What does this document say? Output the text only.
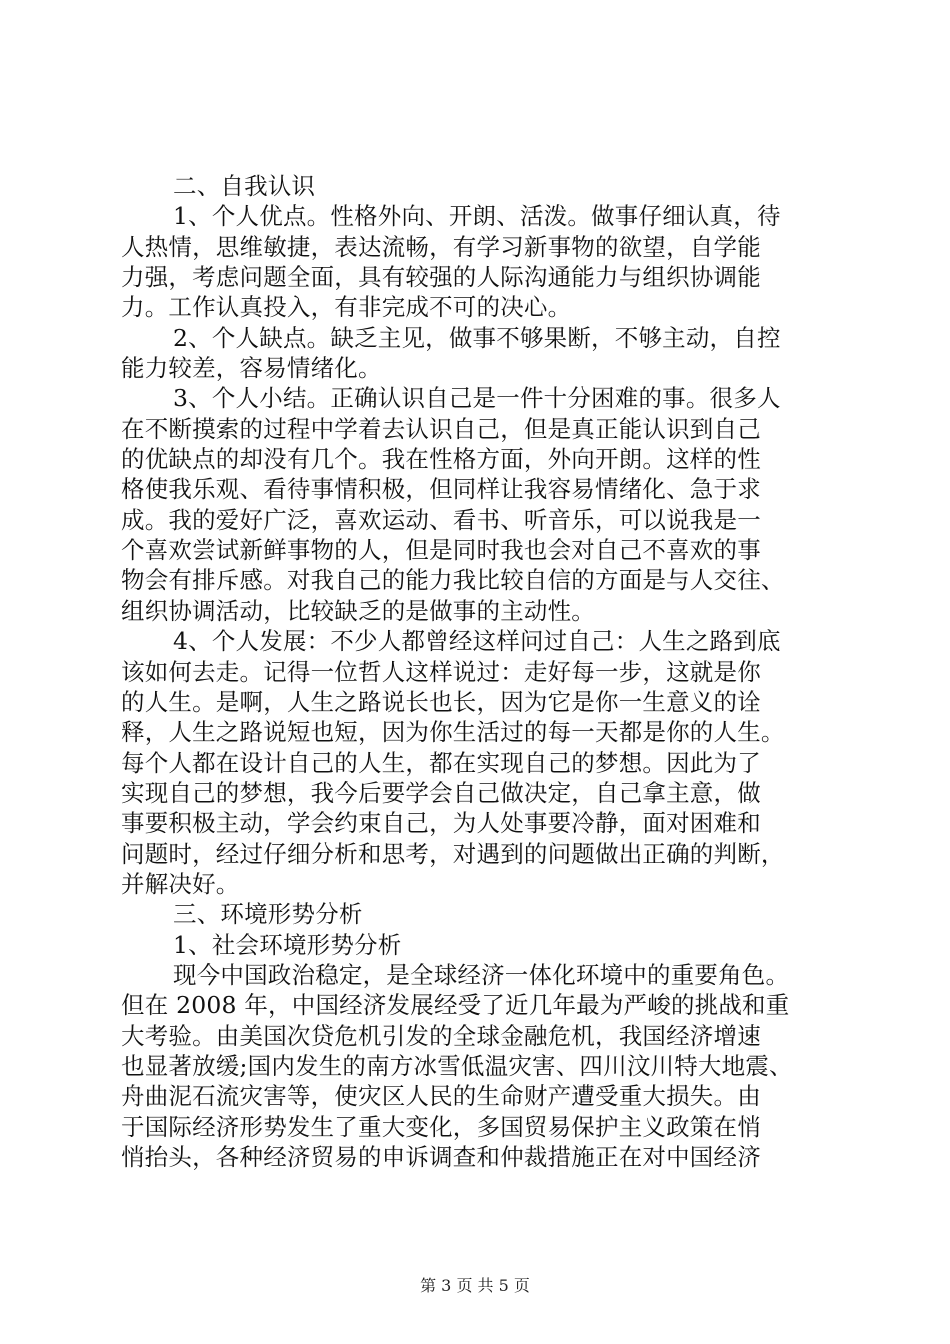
二、自我认识
1、个人优点。性格外向、开朗、活泼。做事仔细认真，待
人热情，思维敏捷，表达流畅，有学习新事物的欲望，自学能
力强，考虑问题全面，具有较强的人际沟通能力与组织协调能
力。工作认真投入，有非完成不可的决心。
2、个人缺点。缺乏主见，做事不够果断，不够主动，自控
能力较差，容易情绪化。
3、个人小结。正确认识自己是一件十分困难的事。很多人
在不断摸索的过程中学着去认识自己，但是真正能认识到自己
的优缺点的却没有几个。我在性格方面，外向开朗。这样的性
格使我乐观、看待事情积极，但同样让我容易情绪化、急于求
成。我的爱好广泛，喜欢运动、看书、听音乐，可以说我是一
个喜欢尝试新鲜事物的人，但是同时我也会对自己不喜欢的事
物会有排斥感。对我自己的能力我比较自信的方面是与人交往、
组织协调活动，比较缺乏的是做事的主动性。
4、个人发展：不少人都曾经这样问过自己：人生之路到底
该如何去走。记得一位哲人这样说过：走好每一步，这就是你
的人生。是啊，人生之路说长也长，因为它是你一生意义的诠
释，人生之路说短也短，因为你生活过的每一天都是你的人生。
每个人都在设计自己的人生，都在实现自己的梦想。因此为了
实现自己的梦想，我今后要学会自己做决定，自己拿主意，做
事要积极主动，学会约束自己，为人处事要冷静，面对困难和
问题时，经过仔细分析和思考，对遇到的问题做出正确的判断，
并解决好。
三、环境形势分析
1、社会环境形势分析
现今中国政治稳定，是全球经济一体化环境中的重要角色。
但在 2008 年，中国经济发展经受了近几年最为严峻的挑战和重
大考验。由美国次贷危机引发的全球金融危机，我国经济增速
也显著放缓;国内发生的南方冰雪低温灾害、四川汶川特大地震、
舟曲泥石流灾害等，使灾区人民的生命财产遭受重大损失。由
于国际经济形势发生了重大变化，多国贸易保护主义政策在悄
悄抬头，各种经济贸易的申诉调查和仲裁措施正在对中国经济
第 3 页 共 5 页
